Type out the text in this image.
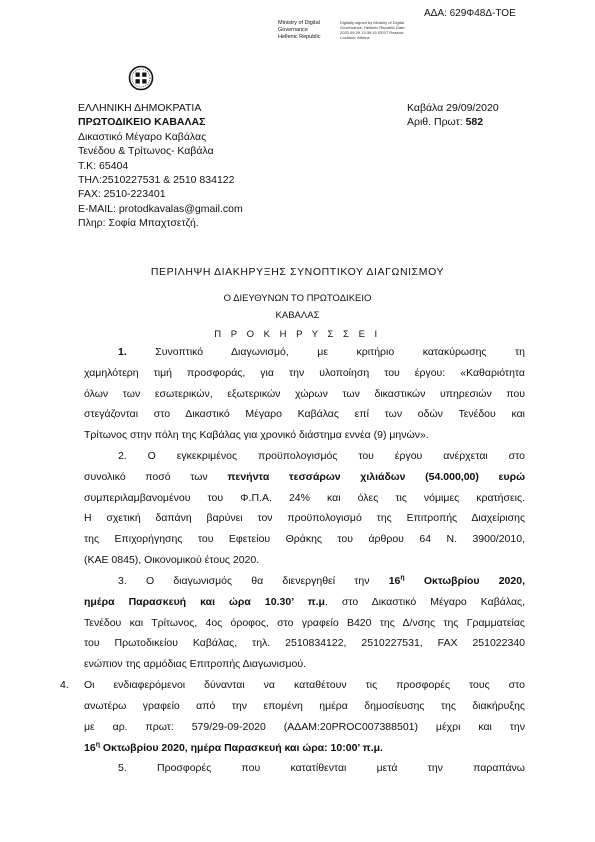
ΑΔΑ: 629Φ48Δ-ΤΟΕ
Ministry of Digital
Governance
Hellenic Republic
Digitally signed by Ministry of Digital Governance, Hellenic Republic Date: 2020.09.29 13:39:15 EEST Reason: Location: Athens
ΕΛΛΗΝΙΚΗ ΔΗΜΟΚΡΑΤΙΑ
ΠΡΩΤΟΔΙΚΕΙΟ ΚΑΒΑΛΑΣ
Δικαστικό Μέγαρο Καβάλας
Τενέδου & Τρίτωνος- Καβάλα
Τ.Κ: 65404
ΤΗΛ:2510227531 & 2510 834122
FAX: 2510-223401
E-MAIL: protodkavalas@gmail.com
Πληρ: Σοφία Μπαχτσετζή.
Καβάλα 29/09/2020
Αριθ. Πρωτ: 582
ΠΕΡΙΛΗΨΗ ΔΙΑΚΗΡΥΞΗΣ ΣΥΝΟΠΤΙΚΟΥ ΔΙΑΓΩΝΙΣΜΟΥ
Ο ΔΙΕΥΘΥΝΩΝ ΤΟ ΠΡΩΤΟΔΙΚΕΙΟ
ΚΑΒΑΛΑΣ
Π Ρ Ο Κ Η Ρ Υ Σ Σ Ε Ι
1.	Συνοπτικό Διαγωνισμό, με κριτήριο κατακύρωσης τη
χαμηλότερη τιμή προσφοράς, για την υλοποίηση του έργου: «Καθαριότητα
όλων των εσωτερικών, εξωτερικών χώρων των δικαστικών υπηρεσιών που
στεγάζονται στο Δικαστικό Μέγαρο Καβάλας επί των οδών Τενέδου και
Τρίτωνος στην πόλη της Καβάλας για χρονικό διάστημα εννέα (9) μηνών».
2. Ο εγκεκριμένος προϋπολογισμός του έργου ανέρχεται στο
συνολικό ποσό των πενήντα τεσσάρων χιλιάδων (54.000,00) ευρώ
συμπεριλαμβανομένου του Φ.Π.Α. 24% και όλες τις νόμιμες κρατήσεις.
Η σχετική δαπάνη βαρύνει τον προϋπολογισμό της Επιτροπής Διαχείρισης
της Επιχορήγησης του Εφετείου Θράκης του άρθρου 64 Ν. 3900/2010,
(ΚΑΕ 0845), Οικονομικού έτους 2020.
3. Ο διαγωνισμός θα διενεργηθεί την $16^\eta$ Οκτωβρίου 2020,
ημέρα Παρασκευή και ώρα 10.30’ π.μ. στο Δικαστικό Μέγαρο Καβάλας,
Τενέδου και Τρίτωνος, 4ος όροφος, στο γραφείο Β420 της Δ/νσης της Γραμματείας
του Πρωτοδικείου Καβάλας, τηλ. 2510834122, 2510227531, FAX 251022340
ενώπιον της αρμόδιας Επιτροπής Διαγωνισμού.
4. Οι ενδιαφερόμενοι δύνανται να καταθέτουν τις προσφορές τους στο
ανωτέρω γραφείο από την επομένη ημέρα δημοσίευσης της διακήρυξης
με αρ. πρωτ: 579/29-09-2020 (ΑΔΑΜ:20PROC007388501) μέχρι και την
$16^\eta$ Οκτωβρίου 2020, ημέρα Παρασκευή και ώρα: 10:00’ π.μ.
5.	Προσφορές που κατατίθενται μετά την παραπάνω
